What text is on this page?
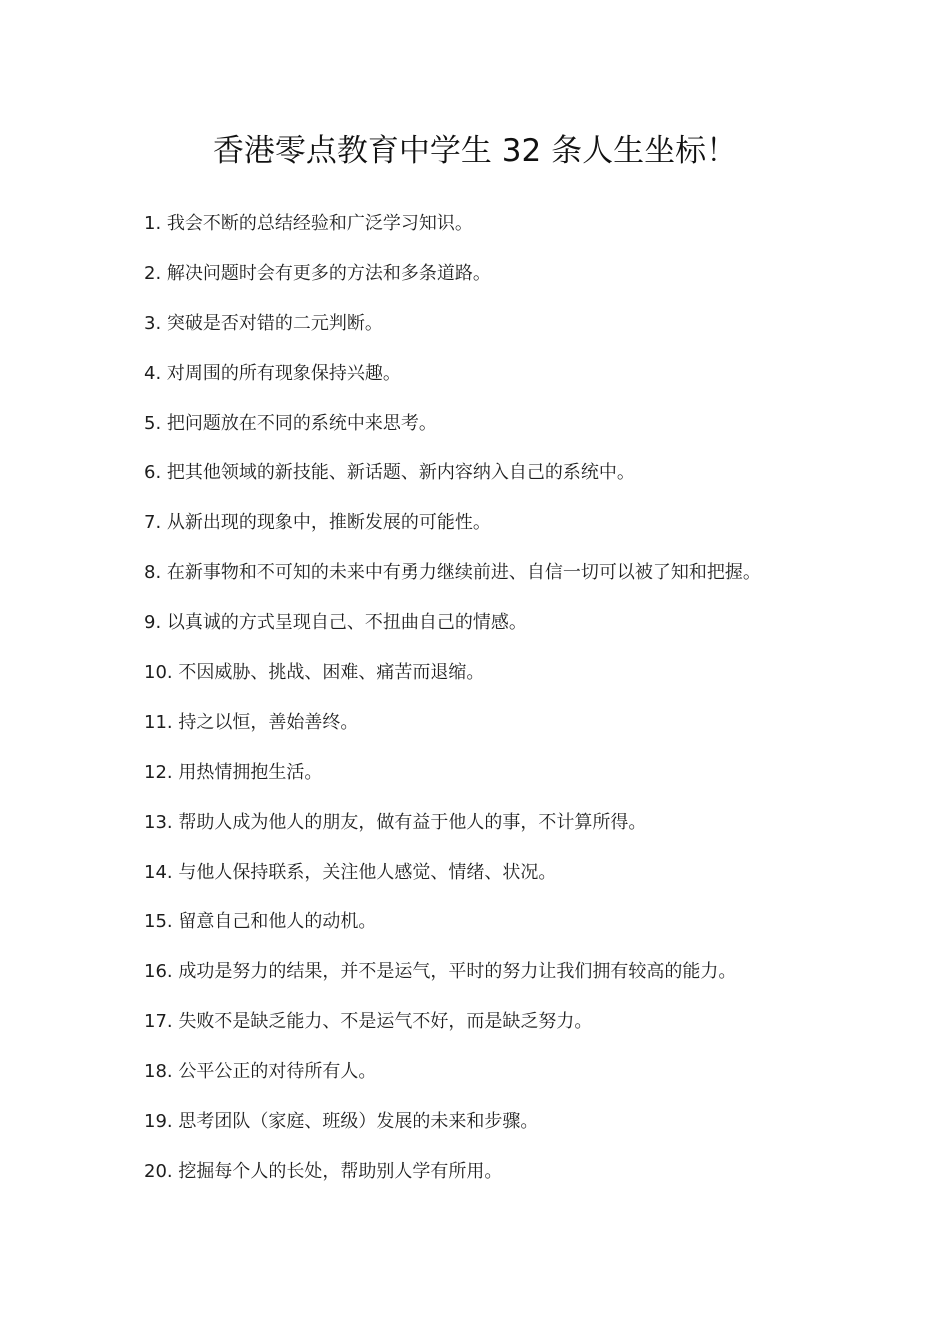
香港零点教育中学生 32 条人生坐标！
1. 我会不断的总结经验和广泛学习知识。
2. 解决问题时会有更多的方法和多条道路。
3. 突破是否对错的二元判断。
4. 对周围的所有现象保持兴趣。
5. 把问题放在不同的系统中来思考。
6. 把其他领域的新技能、新话题、新内容纳入自己的系统中。
7. 从新出现的现象中，推断发展的可能性。
8. 在新事物和不可知的未来中有勇力继续前进、自信一切可以被了知和把握。
9. 以真诚的方式呈现自己、不扭曲自己的情感。
10. 不因威胁、挑战、困难、痛苦而退缩。
11. 持之以恒，善始善终。
12. 用热情拥抱生活。
13. 帮助人成为他人的朋友，做有益于他人的事，不计算所得。
14. 与他人保持联系，关注他人感觉、情绪、状况。
15. 留意自己和他人的动机。
16. 成功是努力的结果，并不是运气，平时的努力让我们拥有较高的能力。
17. 失败不是缺乏能力、不是运气不好，而是缺乏努力。
18. 公平公正的对待所有人。
19. 思考团队（家庭、班级）发展的未来和步骤。
20. 挖掘每个人的长处，帮助别人学有所用。
